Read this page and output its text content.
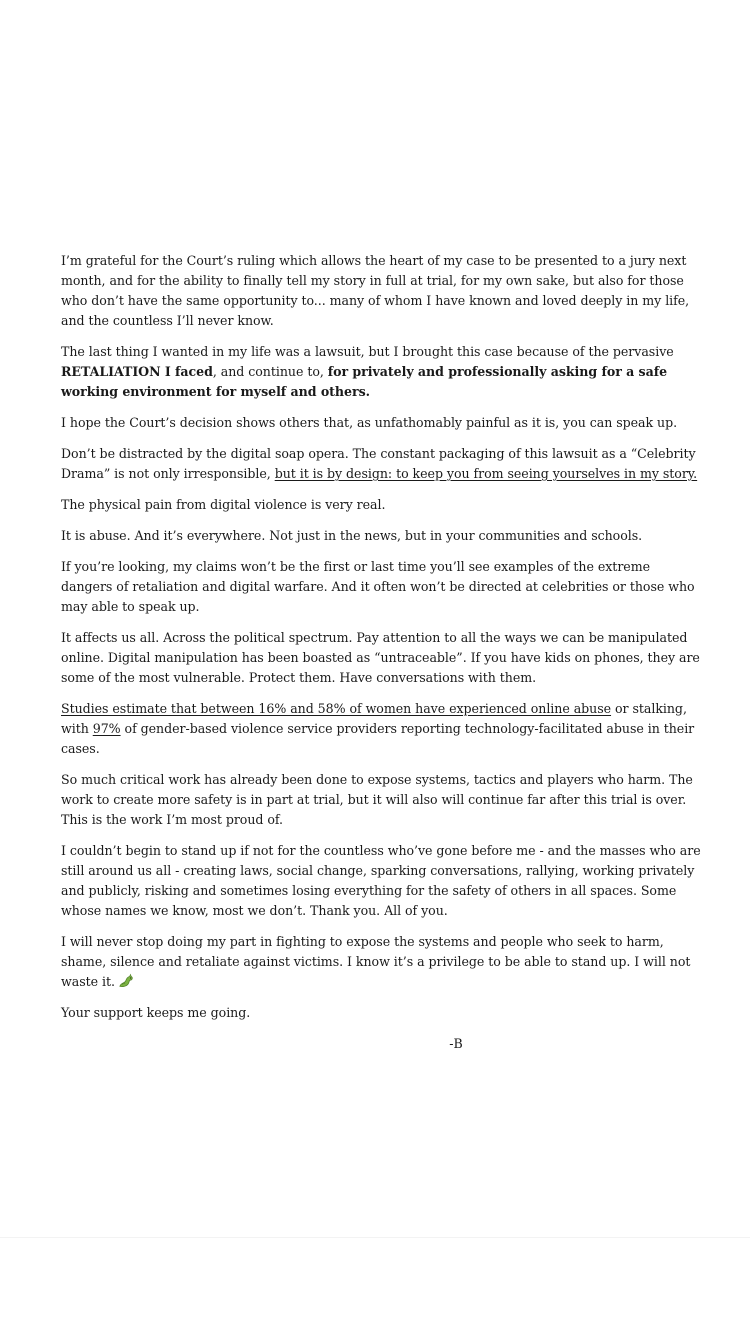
I’m grateful for the Court’s ruling which allows the heart of my case to be presented to a jury next month, and for the ability to finally tell my story in full at trial, for my own sake, but also for those who don’t have the same opportunity to... many of whom I have known and loved deeply in my life, and the countless I’ll never know.

The last thing I wanted in my life was a lawsuit, but I brought this case because of the pervasive RETALIATION I faced, and continue to, for privately and professionally asking for a safe working environment for myself and others.

I hope the Court’s decision shows others that, as unfathomably painful as it is, you can speak up.

Don’t be distracted by the digital soap opera. The constant packaging of this lawsuit as a “Celebrity Drama” is not only irresponsible, but it is by design: to keep you from seeing yourselves in my story.

The physical pain from digital violence is very real.

It is abuse. And it’s everywhere. Not just in the news, but in your communities and schools.

If you’re looking, my claims won’t be the first or last time you’ll see examples of the extreme dangers of retaliation and digital warfare. And it often won’t be directed at celebrities or those who may able to speak up.

It affects us all. Across the political spectrum. Pay attention to all the ways we can be manipulated online. Digital manipulation has been boasted as “untraceable”. If you have kids on phones, they are some of the most vulnerable. Protect them. Have conversations with them.

Studies estimate that between 16% and 58% of women have experienced online abuse or stalking, with 97% of gender-based violence service providers reporting technology-facilitated abuse in their cases.

So much critical work has already been done to expose systems, tactics and players who harm. The work to create more safety is in part at trial, but it will also will continue far after this trial is over. This is the work I’m most proud of.

I couldn’t begin to stand up if not for the countless who’ve gone before me - and the masses who are still around us all - creating laws, social change, sparking conversations, rallying, working privately and publicly, risking and sometimes losing everything for the safety of others in all spaces. Some whose names we know, most we don’t. Thank you. All of you.

I will never stop doing my part in fighting to expose the systems and people who seek to harm, shame, silence and retaliate against victims. I know it’s a privilege to be able to stand up. I will not waste it.

Your support keeps me going.

-B
